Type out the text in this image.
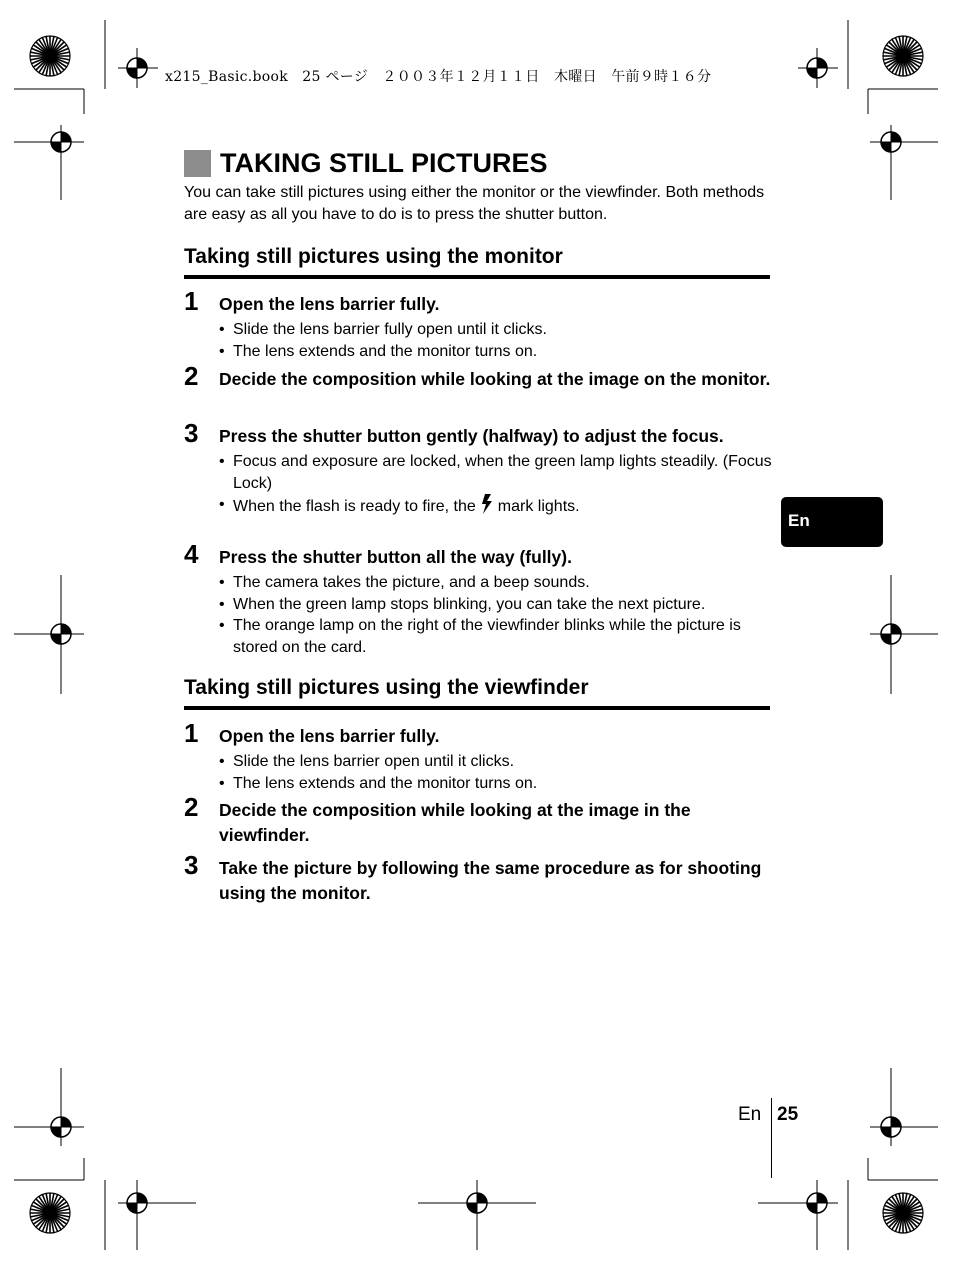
x215_Basic.book　25 ページ　２００３年１２月１１日　木曜日　午前９時１６分
TAKING STILL PICTURES

You can take still pictures using either the monitor or the viewfinder. Both methods are easy as all you have to do is to press the shutter button.

Taking still pictures using the monitor
1 Open the lens barrier fully.
• Slide the lens barrier fully open until it clicks.
• The lens extends and the monitor turns on.
2 Decide the composition while looking at the image on the monitor.
3 Press the shutter button gently (halfway) to adjust the focus.
• Focus and exposure are locked, when the green lamp lights steadily. (Focus Lock)
• When the flash is ready to fire, the mark lights.
4 Press the shutter button all the way (fully).
• The camera takes the picture, and a beep sounds.
• When the green lamp stops blinking, you can take the next picture.
• The orange lamp on the right of the viewfinder blinks while the picture is stored on the card.
Taking still pictures using the viewfinder
1 Open the lens barrier fully.
• Slide the lens barrier open until it clicks.
• The lens extends and the monitor turns on.
2 Decide the composition while looking at the image in the viewfinder.
3 Take the picture by following the same procedure as for shooting using the monitor.
En
En 25
